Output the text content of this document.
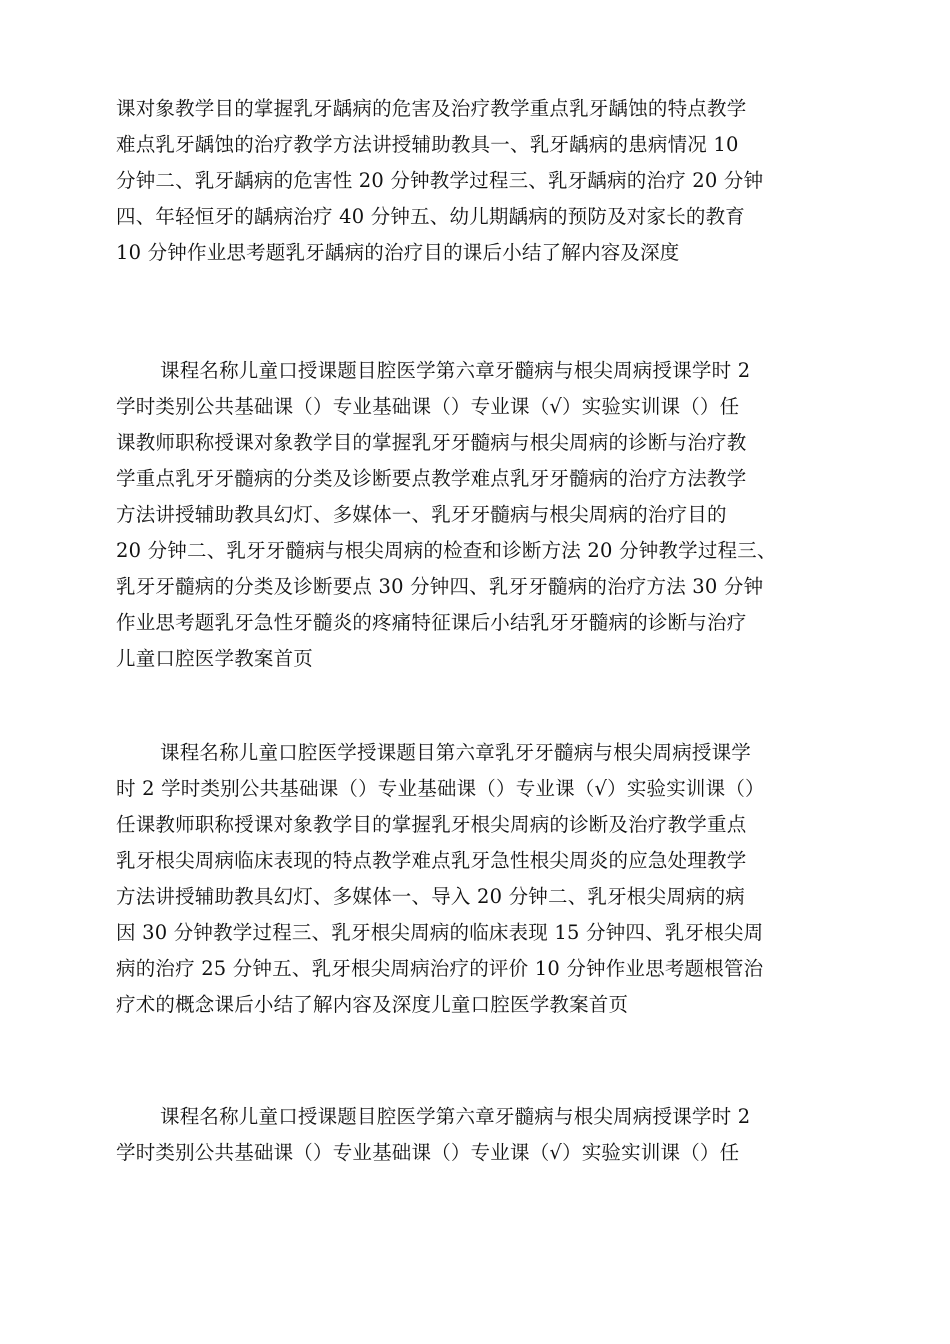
课对象教学目的掌握乳牙龋病的危害及治疗教学重点乳牙龋蚀的特点教学
难点乳牙龋蚀的治疗教学方法讲授辅助教具一、乳牙龋病的患病情况 10
分钟二、乳牙龋病的危害性 20 分钟教学过程三、乳牙龋病的治疗 20 分钟
四、年轻恒牙的龋病治疗 40 分钟五、幼儿期龋病的预防及对家长的教育
10 分钟作业思考题乳牙龋病的治疗目的课后小结了解内容及深度
课程名称儿童口授课题目腔医学第六章牙髓病与根尖周病授课学时 2
学时类别公共基础课（）专业基础课（）专业课（√）实验实训课（）任
课教师职称授课对象教学目的掌握乳牙牙髓病与根尖周病的诊断与治疗教
学重点乳牙牙髓病的分类及诊断要点教学难点乳牙牙髓病的治疗方法教学
方法讲授辅助教具幻灯、多媒体一、乳牙牙髓病与根尖周病的治疗目的
20 分钟二、乳牙牙髓病与根尖周病的检查和诊断方法 20 分钟教学过程三、
乳牙牙髓病的分类及诊断要点 30 分钟四、乳牙牙髓病的治疗方法 30 分钟
作业思考题乳牙急性牙髓炎的疼痛特征课后小结乳牙牙髓病的诊断与治疗
儿童口腔医学教案首页
课程名称儿童口腔医学授课题目第六章乳牙牙髓病与根尖周病授课学
时 2 学时类别公共基础课（）专业基础课（）专业课（√）实验实训课（）
任课教师职称授课对象教学目的掌握乳牙根尖周病的诊断及治疗教学重点
乳牙根尖周病临床表现的特点教学难点乳牙急性根尖周炎的应急处理教学
方法讲授辅助教具幻灯、多媒体一、导入 20 分钟二、乳牙根尖周病的病
因 30 分钟教学过程三、乳牙根尖周病的临床表现 15 分钟四、乳牙根尖周
病的治疗 25 分钟五、乳牙根尖周病治疗的评价 10 分钟作业思考题根管治
疗术的概念课后小结了解内容及深度儿童口腔医学教案首页
课程名称儿童口授课题目腔医学第六章牙髓病与根尖周病授课学时 2
学时类别公共基础课（）专业基础课（）专业课（√）实验实训课（）任
